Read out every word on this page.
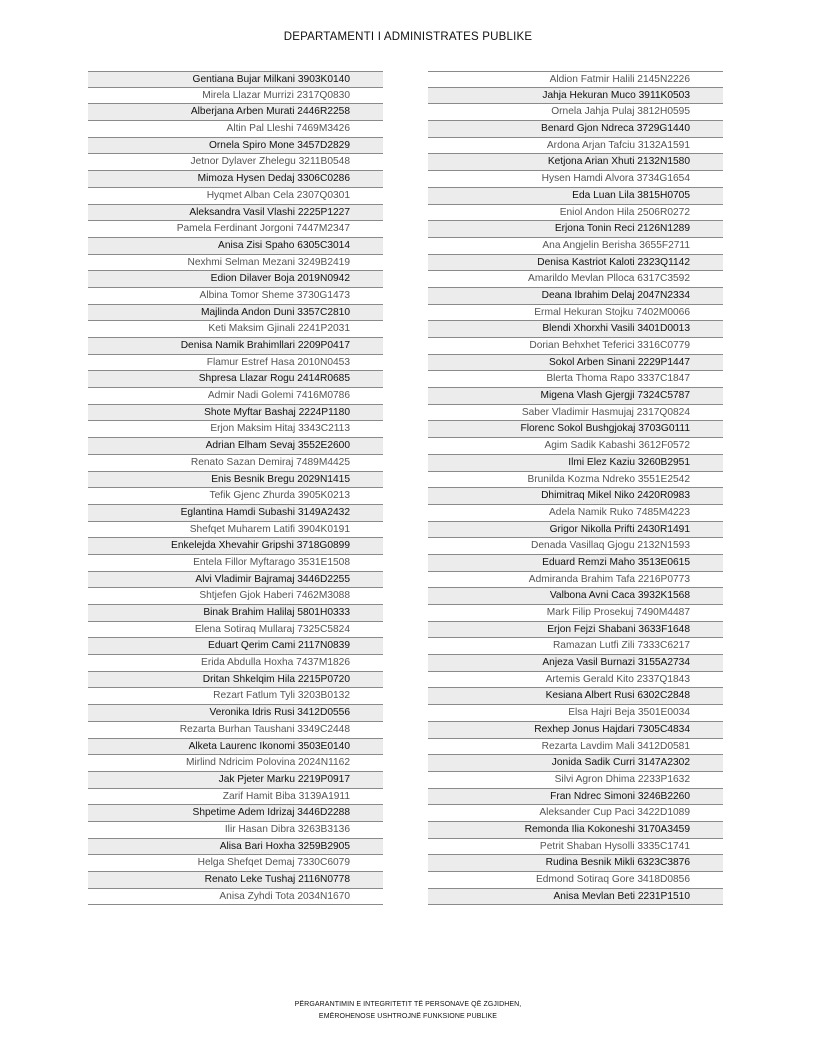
DEPARTAMENTI I ADMINISTRATES PUBLIKE
Gentiana Bujar Milkani 3903K0140
Mirela Llazar Murrizi 2317Q0830
Alberjana Arben Murati 2446R2258
Altin Pal Lleshi 7469M3426
Ornela Spiro Mone 3457D2829
Jetnor Dylaver Zhelegu 3211B0548
Mimoza Hysen Dedaj 3306C0286
Hyqmet Alban Cela 2307Q0301
Aleksandra Vasil Vlashi 2225P1227
Pamela Ferdinant Jorgoni 7447M2347
Anisa Zisi Spaho 6305C3014
Nexhmi Selman Mezani 3249B2419
Edion Dilaver Boja 2019N0942
Albina Tomor Sheme 3730G1473
Majlinda Andon Duni 3357C2810
Keti Maksim Gjinali 2241P2031
Denisa Namik Brahimllari 2209P0417
Flamur Estref Hasa 2010N0453
Shpresa Llazar Rogu 2414R0685
Admir Nadi Golemi 7416M0786
Shote Myftar Bashaj 2224P1180
Erjon Maksim Hitaj 3343C2113
Adrian Elham Sevaj 3552E2600
Renato Sazan Demiraj 7489M4425
Enis Besnik Bregu 2029N1415
Tefik Gjenc Zhurda 3905K0213
Eglantina Hamdi Subashi 3149A2432
Shefqet Muharem Latifi 3904K0191
Enkelejda Xhevahir Gripshi 3718G0899
Entela Fillor Myftarago 3531E1508
Alvi Vladimir Bajramaj 3446D2255
Shtjefen Gjok Haberi 7462M3088
Binak Brahim Halilaj 5801H0333
Elena Sotiraq Mullaraj 7325C5824
Eduart Qerim Cami 2117N0839
Erida Abdulla Hoxha 7437M1826
Dritan Shkelqim Hila 2215P0720
Rezart Fatlum Tyli 3203B0132
Veronika Idris Rusi 3412D0556
Rezarta Burhan Taushani 3349C2448
Alketa Laurenc Ikonomi 3503E0140
Mirlind Ndricim Polovina 2024N1162
Jak Pjeter Marku 2219P0917
Zarif Hamit Biba 3139A1911
Shpetime Adem Idrizaj 3446D2288
Ilir Hasan Dibra 3263B3136
Alisa Bari Hoxha 3259B2905
Helga Shefqet Demaj 7330C6079
Renato Leke Tushaj 2116N0778
Anisa Zyhdi Tota 2034N1670
Aldion Fatmir Halili 2145N2226
Jahja Hekuran Muco 3911K0503
Ornela Jahja Pulaj 3812H0595
Benard Gjon Ndreca 3729G1440
Ardona Arjan Tafciu 3132A1591
Ketjona Arian Xhuti 2132N1580
Hysen Hamdi Alvora 3734G1654
Eda Luan Lila 3815H0705
Eniol Andon Hila 2506R0272
Erjona Tonin Reci 2126N1289
Ana Angjelin Berisha 3655F2711
Denisa Kastriot Kaloti 2323Q1142
Amarildo Mevlan Plloca 6317C3592
Deana Ibrahim Delaj 2047N2334
Ermal Hekuran Stojku 7402M0066
Blendi Xhorxhi Vasili 3401D0013
Dorian Behxhet Teferici 3316C0779
Sokol Arben Sinani 2229P1447
Blerta Thoma Rapo 3337C1847
Migena Vlash Gjergji 7324C5787
Saber Vladimir Hasmujaj 2317Q0824
Florenc Sokol Bushgjokaj 3703G0111
Agim Sadik Kabashi 3612F0572
Ilmi Elez Kaziu 3260B2951
Brunilda Kozma Ndreko 3551E2542
Dhimitraq Mikel Niko 2420R0983
Adela Namik Ruko 7485M4223
Grigor Nikolla Prifti 2430R1491
Denada Vasillaq Gjogu 2132N1593
Eduard Remzi Maho 3513E0615
Admiranda Brahim Tafa 2216P0773
Valbona Avni Caca 3932K1568
Mark Filip Prosekuj 7490M4487
Erjon Fejzi Shabani 3633F1648
Ramazan Lutfi Zili 7333C6217
Anjeza Vasil Burnazi 3155A2734
Artemis Gerald Kito 2337Q1843
Kesiana Albert Rusi 6302C2848
Elsa Hajri Beja 3501E0034
Rexhep Jonus Hajdari 7305C4834
Rezarta Lavdim Mali 3412D0581
Jonida Sadik Curri 3147A2302
Silvi Agron Dhima 2233P1632
Fran Ndrec Simoni 3246B2260
Aleksander Cup Paci 3422D1089
Remonda Ilia Kokoneshi 3170A3459
Petrit Shaban Hysolli 3335C1741
Rudina Besnik Mikli 6323C3876
Edmond Sotiraq Gore 3418D0856
Anisa Mevlan Beti 2231P1510
PËRGARANTIMIN E INTEGRITETIT TË PERSONAVE QË ZGJIDHEN,
EMËROHENOSE USHTROJNË FUNKSIONE PUBLIKE
